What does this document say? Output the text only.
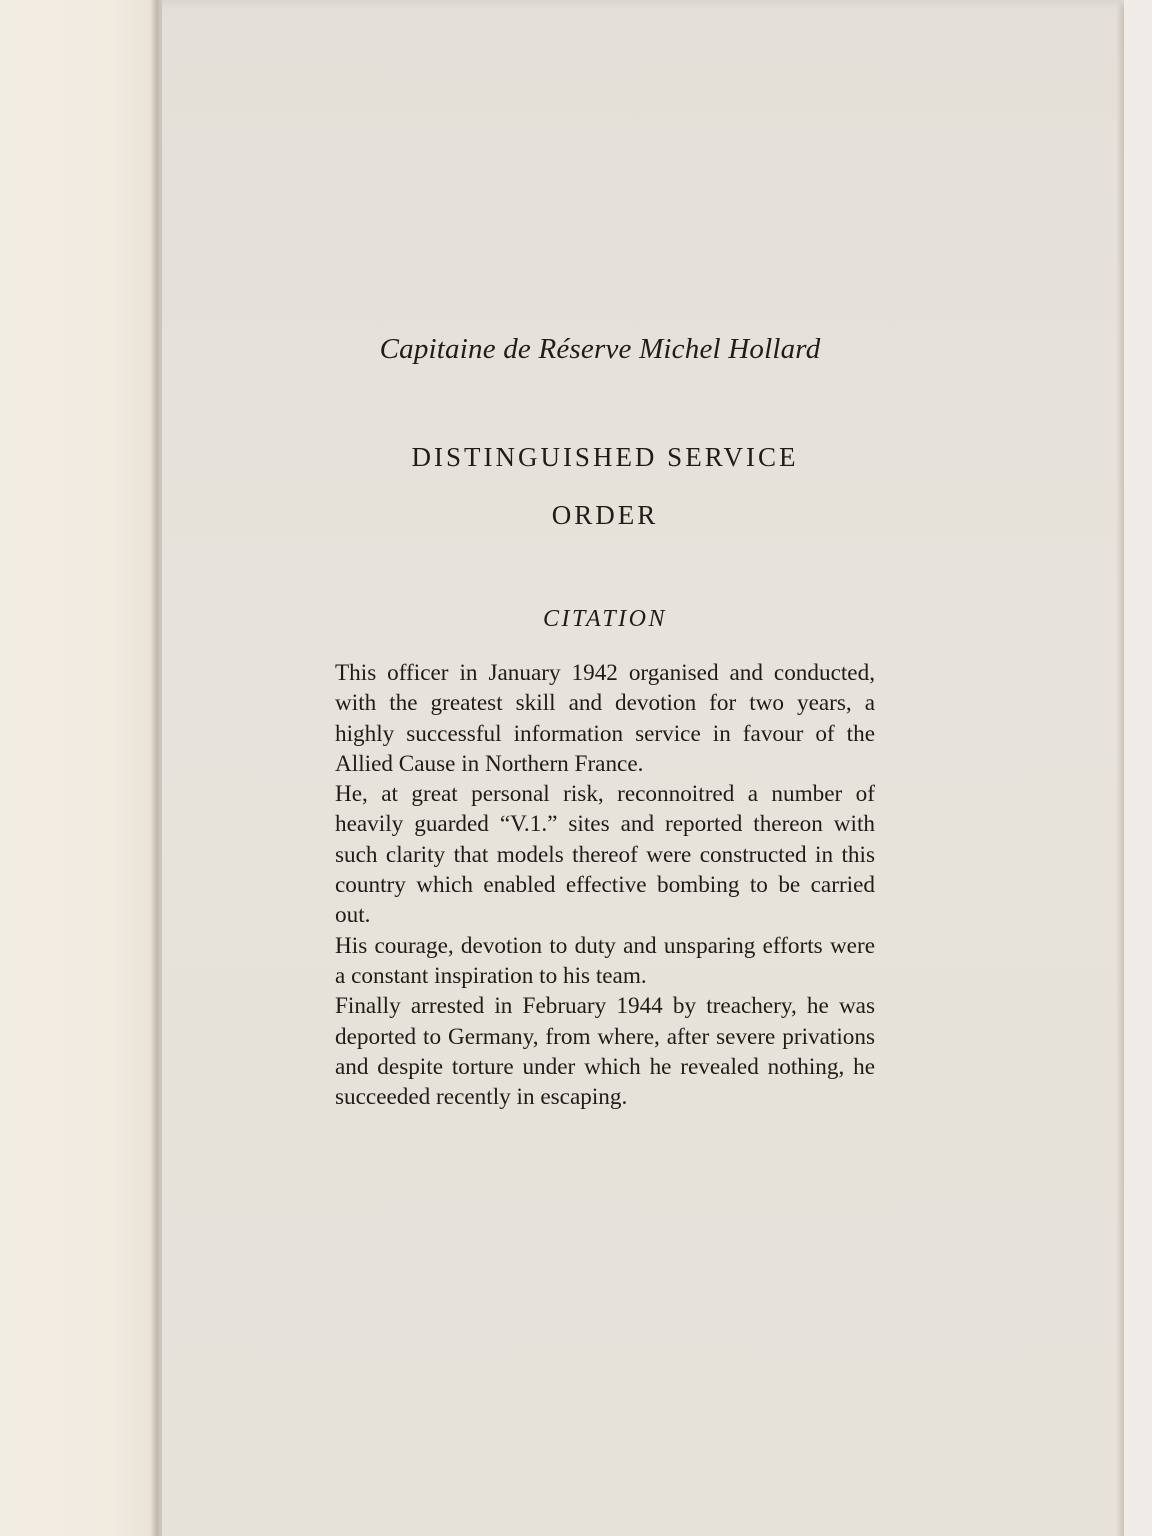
Capitaine de Réserve Michel Hollard
DISTINGUISHED SERVICE
ORDER
CITATION

This officer in January 1942 organised and conducted, with the greatest skill and devotion for two years, a highly successful information service in favour of the Allied Cause in Northern France.

He, at great personal risk, reconnoitred a number of heavily guarded “V.1.” sites and reported thereon with such clarity that models thereof were constructed in this country which enabled effective bombing to be carried out.

His courage, devotion to duty and unsparing efforts were a constant inspiration to his team.

Finally arrested in February 1944 by treachery, he was deported to Germany, from where, after severe privations and despite torture under which he revealed nothing, he succeeded recently in escaping.
